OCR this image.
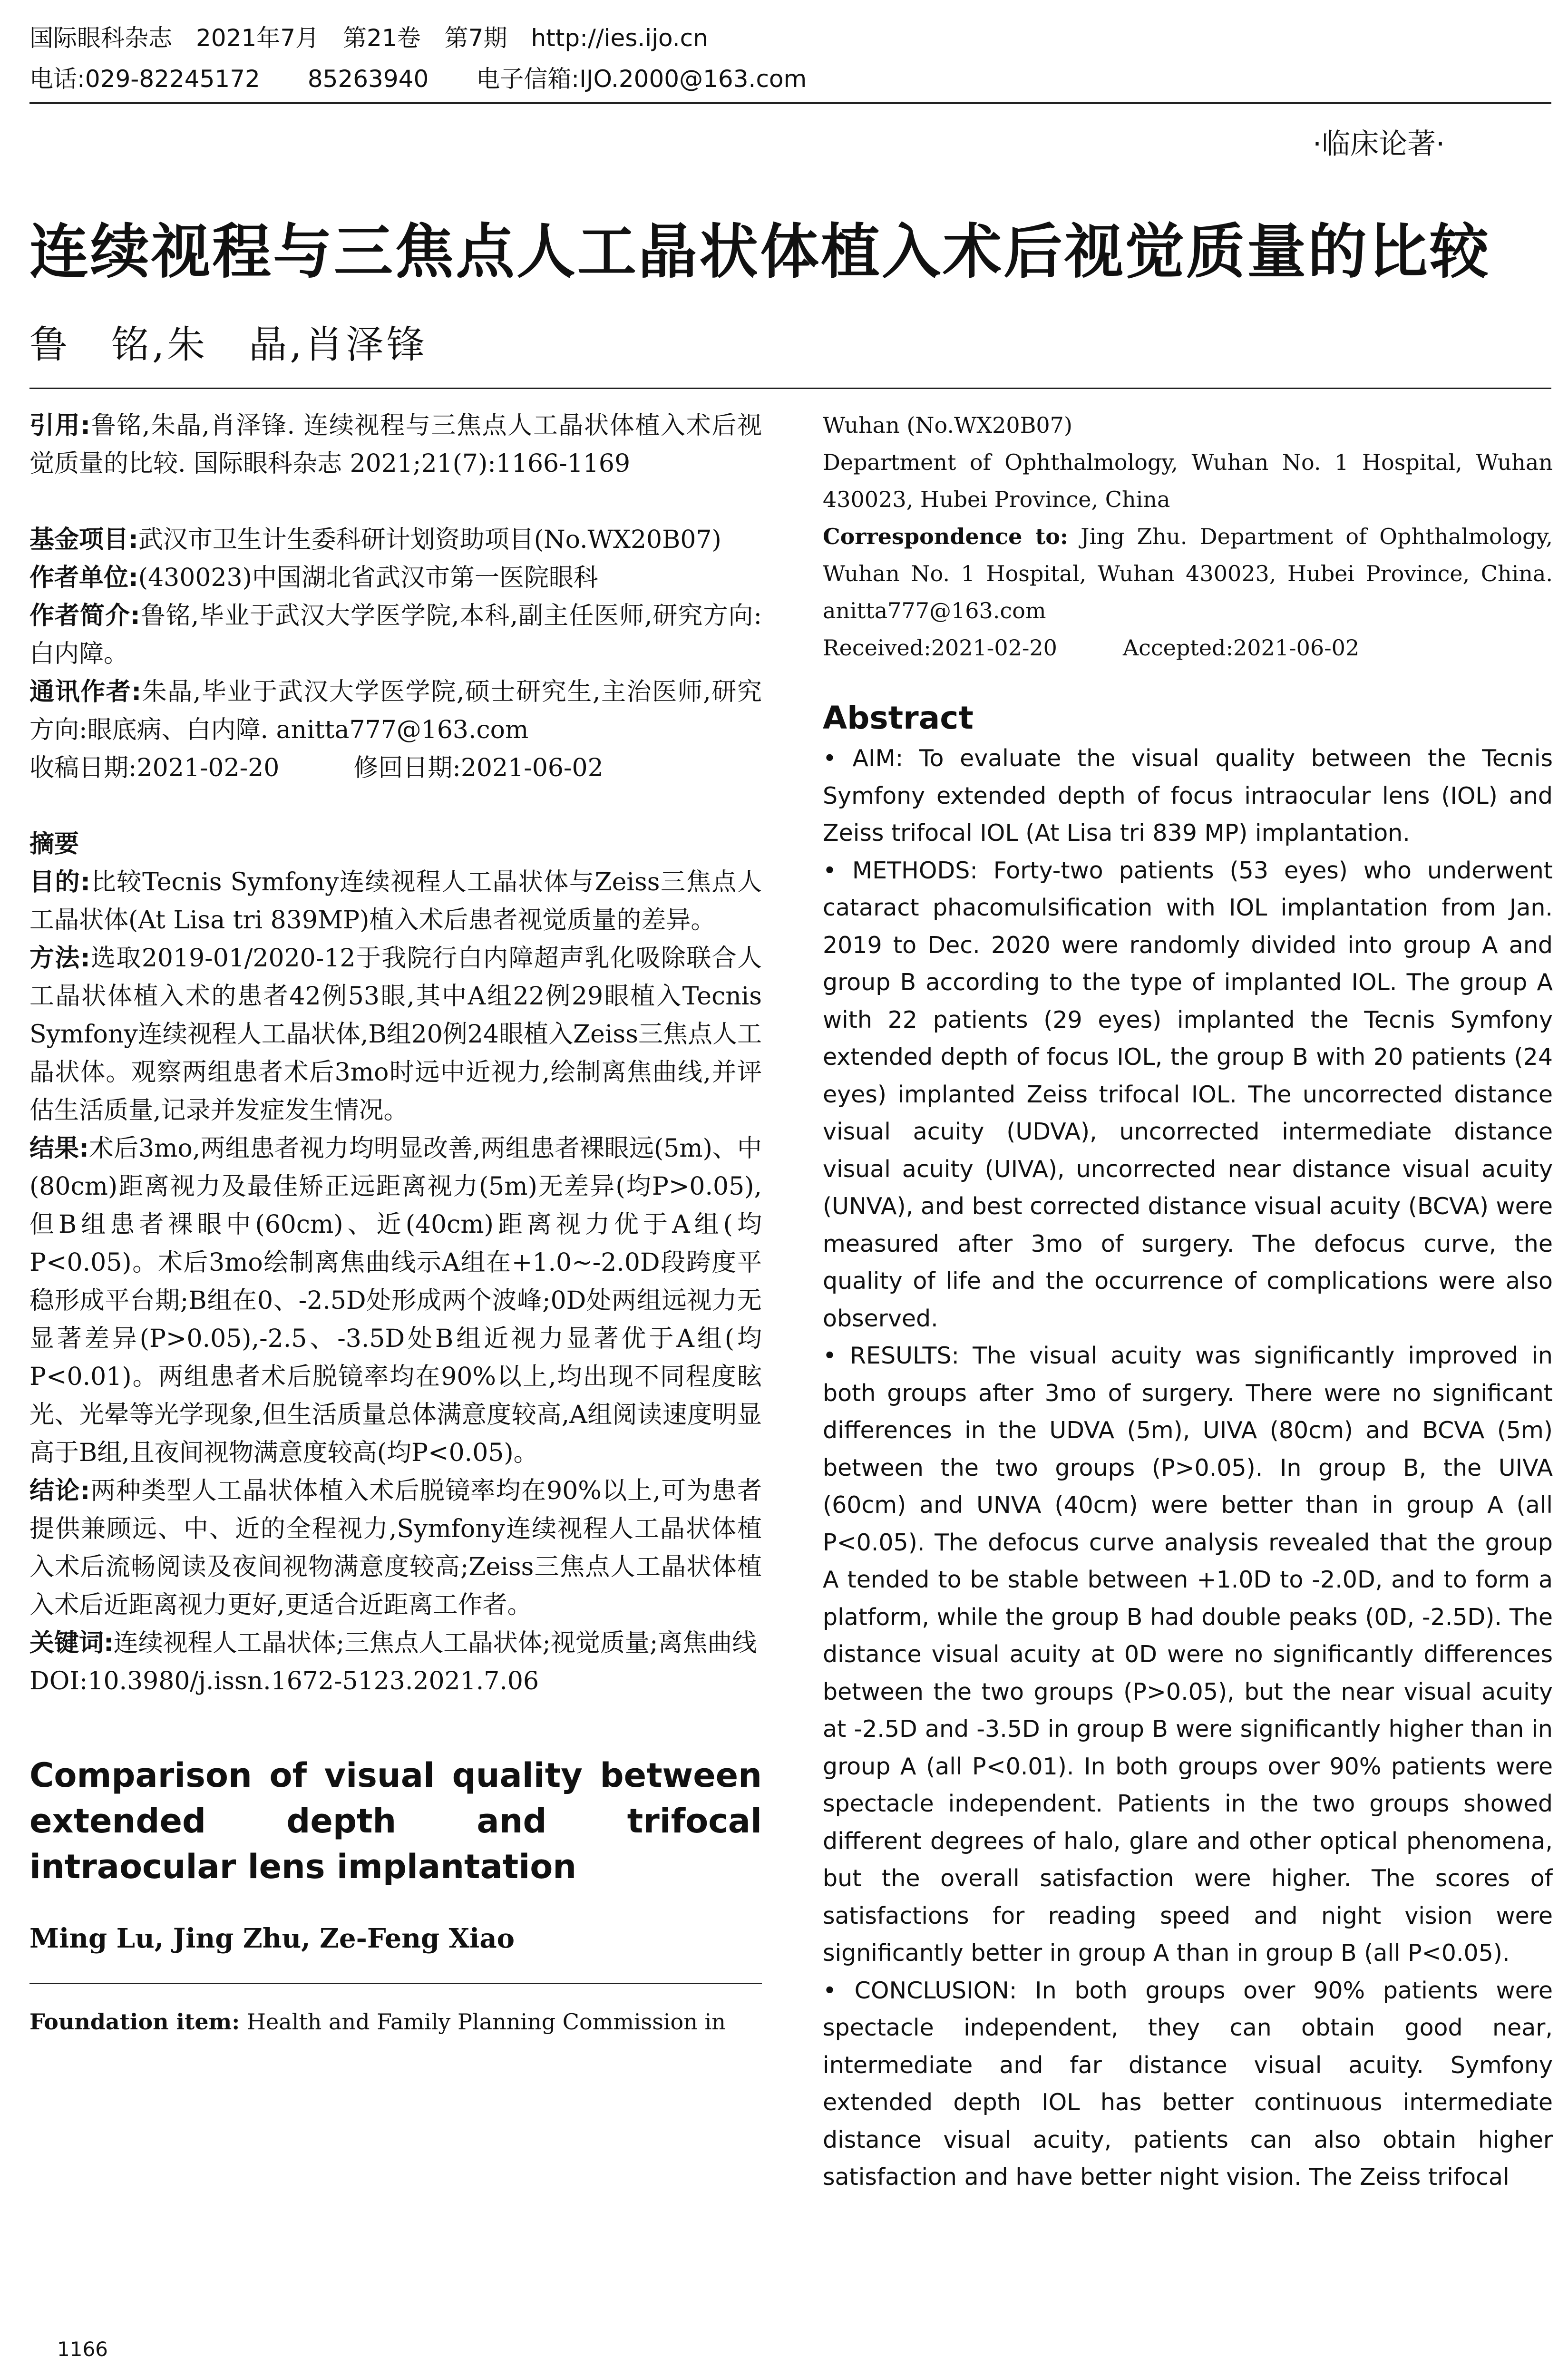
国际眼科杂志　2021年7月　第21卷　第7期　http://ies.ijo.cn
电话:029-82245172　　85263940　　电子信箱:IJO.2000@163.com
·临床论著·
连续视程与三焦点人工晶状体植入术后视觉质量的比较
鲁　铭,朱　晶,肖泽锋

引用:鲁铭,朱晶,肖泽锋. 连续视程与三焦点人工晶状体植入术后视觉质量的比较. 国际眼科杂志 2021;21(7):1166-1169

基金项目:武汉市卫生计生委科研计划资助项目(No.WX20B07)

作者单位:(430023)中国湖北省武汉市第一医院眼科

作者简介:鲁铭,毕业于武汉大学医学院,本科,副主任医师,研究方向:白内障。

通讯作者:朱晶,毕业于武汉大学医学院,硕士研究生,主治医师,研究方向:眼底病、白内障. anitta777@163.com

收稿日期:2021-02-20　　　修回日期:2021-06-02

摘要

目的:比较Tecnis Symfony连续视程人工晶状体与Zeiss三焦点人工晶状体(At Lisa tri 839MP)植入术后患者视觉质量的差异。

方法:选取2019-01/2020-12于我院行白内障超声乳化吸除联合人工晶状体植入术的患者42例53眼,其中A组22例29眼植入Tecnis Symfony连续视程人工晶状体,B组20例24眼植入Zeiss三焦点人工晶状体。观察两组患者术后3mo时远中近视力,绘制离焦曲线,并评估生活质量,记录并发症发生情况。

结果:术后3mo,两组患者视力均明显改善,两组患者裸眼远(5m)、中(80cm)距离视力及最佳矫正远距离视力(5m)无差异(均P>0.05),但B组患者裸眼中(60cm)、近(40cm)距离视力优于A组(均P<0.05)。术后3mo绘制离焦曲线示A组在+1.0~-2.0D段跨度平稳形成平台期;B组在0、-2.5D处形成两个波峰;0D处两组远视力无显著差异(P>0.05),-2.5、-3.5D处B组近视力显著优于A组(均P<0.01)。两组患者术后脱镜率均在90%以上,均出现不同程度眩光、光晕等光学现象,但生活质量总体满意度较高,A组阅读速度明显高于B组,且夜间视物满意度较高(均P<0.05)。

结论:两种类型人工晶状体植入术后脱镜率均在90%以上,可为患者提供兼顾远、中、近的全程视力,Symfony连续视程人工晶状体植入术后流畅阅读及夜间视物满意度较高;Zeiss三焦点人工晶状体植入术后近距离视力更好,更适合近距离工作者。

关键词:连续视程人工晶状体;三焦点人工晶状体;视觉质量;离焦曲线

DOI:10.3980/j.issn.1672-5123.2021.7.06

Comparison of visual quality between extended depth and trifocal intraocular lens implantation

Ming Lu, Jing Zhu, Ze-Feng Xiao

Foundation item: Health and Family Planning Commission in

Wuhan (No.WX20B07)

Department of Ophthalmology, Wuhan No. 1 Hospital, Wuhan 430023, Hubei Province, China

Correspondence to: Jing Zhu. Department of Ophthalmology, Wuhan No. 1 Hospital, Wuhan 430023, Hubei Province, China. anitta777@163.com

Received:2021-02-20　　　Accepted:2021-06-02

Abstract

• AIM: To evaluate the visual quality between the Tecnis Symfony extended depth of focus intraocular lens (IOL) and Zeiss trifocal IOL (At Lisa tri 839 MP) implantation.

• METHODS: Forty-two patients (53 eyes) who underwent cataract phacomulsification with IOL implantation from Jan. 2019 to Dec. 2020 were randomly divided into group A and group B according to the type of implanted IOL. The group A with 22 patients (29 eyes) implanted the Tecnis Symfony extended depth of focus IOL, the group B with 20 patients (24 eyes) implanted Zeiss trifocal IOL. The uncorrected distance visual acuity (UDVA), uncorrected intermediate distance visual acuity (UIVA), uncorrected near distance visual acuity (UNVA), and best corrected distance visual acuity (BCVA) were measured after 3mo of surgery. The defocus curve, the quality of life and the occurrence of complications were also observed.

• RESULTS: The visual acuity was significantly improved in both groups after 3mo of surgery. There were no significant differences in the UDVA (5m), UIVA (80cm) and BCVA (5m) between the two groups (P>0.05). In group B, the UIVA (60cm) and UNVA (40cm) were better than in group A (all P<0.05). The defocus curve analysis revealed that the group A tended to be stable between +1.0D to -2.0D, and to form a platform, while the group B had double peaks (0D, -2.5D). The distance visual acuity at 0D were no significantly differences between the two groups (P>0.05), but the near visual acuity at -2.5D and -3.5D in group B were significantly higher than in group A (all P<0.01). In both groups over 90% patients were spectacle independent. Patients in the two groups showed different degrees of halo, glare and other optical phenomena, but the overall satisfaction were higher. The scores of satisfactions for reading speed and night vision were significantly better in group A than in group B (all P<0.05).

• CONCLUSION: In both groups over 90% patients were spectacle independent, they can obtain good near, intermediate and far distance visual acuity. Symfony extended depth IOL has better continuous intermediate distance visual acuity, patients can also obtain higher satisfaction and have better night vision. The Zeiss trifocal

1166
